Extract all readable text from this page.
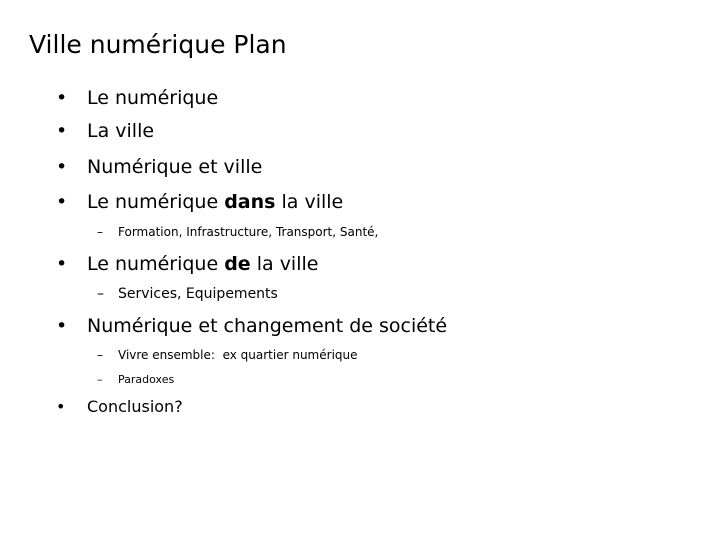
Ville numérique Plan
•	Le numérique
•	La ville
•	Numérique et ville
•	Le numérique dans la ville
– Formation, Infrastructure, Transport, Santé,
•	Le numérique de la ville
– Services, Equipements
•	Numérique et changement de société
– Vivre ensemble: ex quartier numérique
– Paradoxes
•	Conclusion?
